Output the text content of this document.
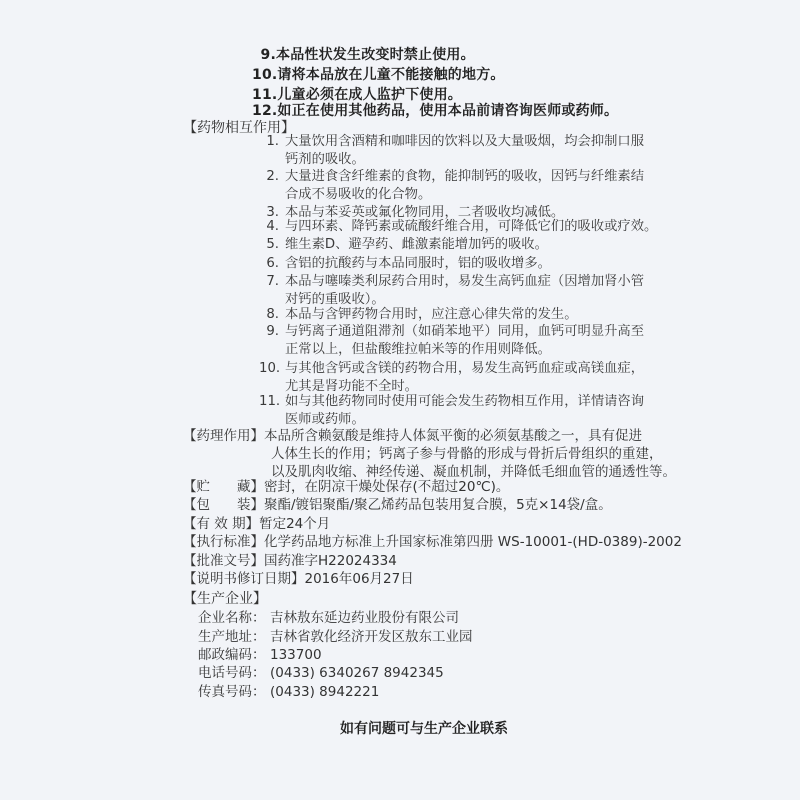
9.本品性状发生改变时禁止使用。
10.请将本品放在儿童不能接触的地方。
11.儿童必须在成人监护下使用。
12.如正在使用其他药品，使用本品前请咨询医师或药师。
【药物相互作用】
1. 大量饮用含酒精和咖啡因的饮料以及大量吸烟，均会抑制口服
钙剂的吸收。
2. 大量进食含纤维素的食物，能抑制钙的吸收，因钙与纤维素结
合成不易吸收的化合物。
3. 本品与苯妥英或氟化物同用，二者吸收均减低。
4. 与四环素、降钙素或硫酸纤维合用，可降低它们的吸收或疗效。
5. 维生素D、避孕药、雌激素能增加钙的吸收。
6. 含铝的抗酸药与本品同服时，铝的吸收增多。
7. 本品与噻嗪类利尿药合用时，易发生高钙血症（因增加肾小管
对钙的重吸收）。
8. 本品与含钾药物合用时，应注意心律失常的发生。
9. 与钙离子通道阻滞剂（如硝苯地平）同用，血钙可明显升高至
正常以上，但盐酸维拉帕米等的作用则降低。
10. 与其他含钙或含镁的药物合用，易发生高钙血症或高镁血症，
尤其是肾功能不全时。
11. 如与其他药物同时使用可能会发生药物相互作用，详情请咨询
医师或药师。
【药理作用】本品所含赖氨酸是维持人体氮平衡的必须氨基酸之一，具有促进
人体生长的作用；钙离子参与骨骼的形成与骨折后骨组织的重建，
以及肌肉收缩、神经传递、凝血机制，并降低毛细血管的通透性等。
【贮　　藏】密封，在阴凉干燥处保存(不超过20℃)。
【包　　装】聚酯/镀铝聚酯/聚乙烯药品包装用复合膜，5克×14袋/盒。
【有 效 期】暂定24个月
【执行标准】化学药品地方标准上升国家标准第四册 WS-10001-(HD-0389)-2002
【批准文号】国药准字H22024334
【说明书修订日期】2016年06月27日
【生产企业】
企业名称： 吉林敖东延边药业股份有限公司
生产地址： 吉林省敦化经济开发区敖东工业园
邮政编码： 133700
电话号码： (0433) 6340267 8942345
传真号码： (0433) 8942221
如有问题可与生产企业联系
